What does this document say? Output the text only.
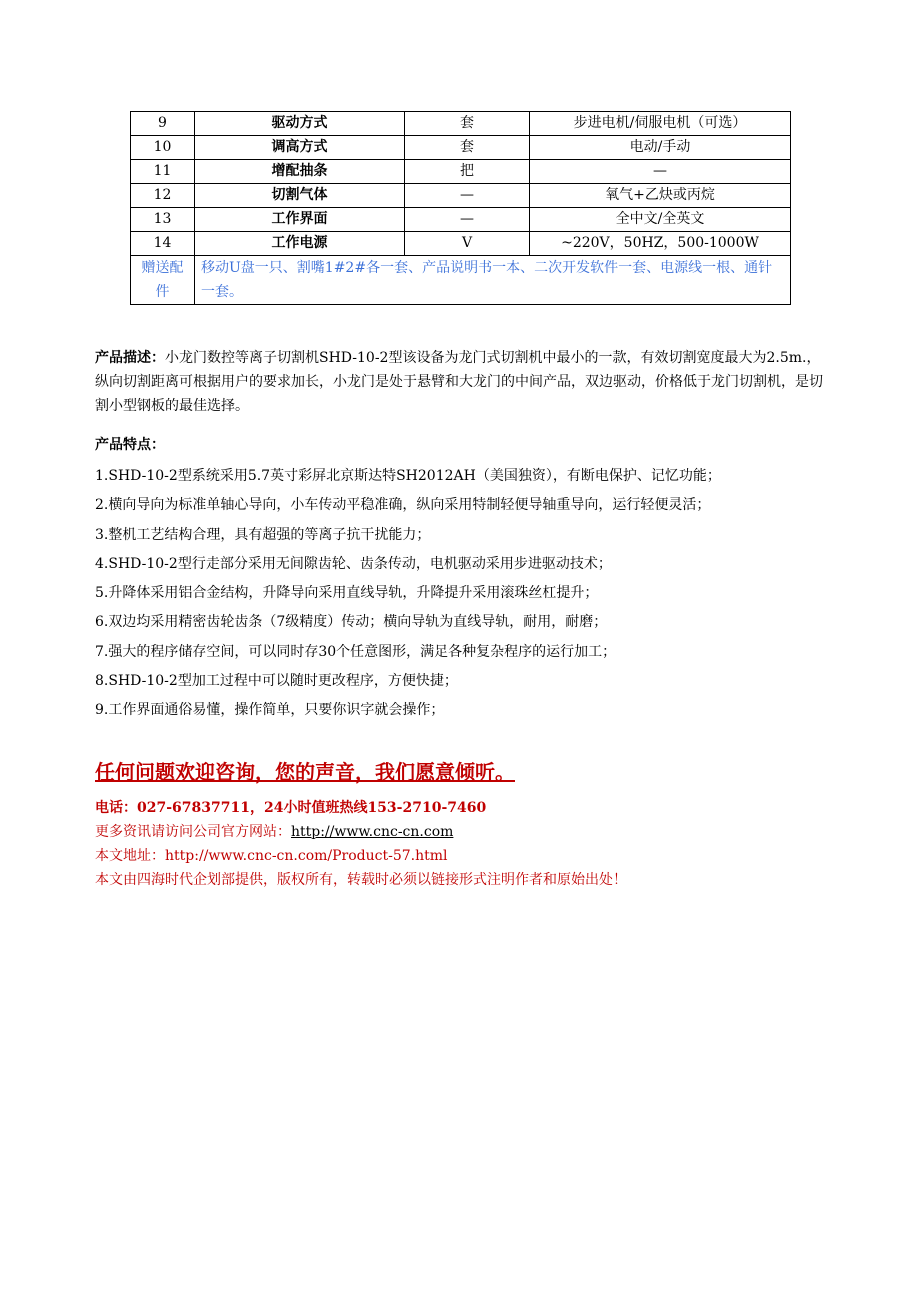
9	驱动方式	套	步进电机/伺服电机（可选）
10	调高方式	套	电动/手动
11	增配抽条	把	—
12	切割气体	—	氧气+乙炔或丙烷
13	工作界面	—	全中文/全英文
14	工作电源	V	~220V，50HZ，500-1000W
赠送配件	移动U盘一只、割嘴1#2#各一套、产品说明书一本、二次开发软件一套、电源线一根、通针一套。		
产品描述：小龙门数控等离子切割机SHD-10-2型该设备为龙门式切割机中最小的一款，有效切割宽度最大为2.5m.，纵向切割距离可根据用户的要求加长，小龙门是处于悬臂和大龙门的中间产品，双边驱动，价格低于龙门切割机，是切割小型钢板的最佳选择。
产品特点：
1.SHD-10-2型系统采用5.7英寸彩屏北京斯达特SH2012AH（美国独资），有断电保护、记忆功能；
2.横向导向为标准单轴心导向，小车传动平稳准确，纵向采用特制轻便导轴重导向，运行轻便灵活；
3.整机工艺结构合理，具有超强的等离子抗干扰能力；
4.SHD-10-2型行走部分采用无间隙齿轮、齿条传动，电机驱动采用步进驱动技术；
5.升降体采用铝合金结构，升降导向采用直线导轨，升降提升采用滚珠丝杠提升；
6.双边均采用精密齿轮齿条（7级精度）传动；横向导轨为直线导轨，耐用，耐磨；
7.强大的程序储存空间，可以同时存30个任意图形，满足各种复杂程序的运行加工；
8.SHD-10-2型加工过程中可以随时更改程序，方便快捷；
9.工作界面通俗易懂，操作简单，只要你识字就会操作；
任何问题欢迎咨询，您的声音，我们愿意倾听。
电话：027-67837711，24小时值班热线153-2710-7460
更多资讯请访问公司官方网站：http://www.cnc-cn.com
本文地址：http://www.cnc-cn.com/Product-57.html
本文由四海时代企划部提供，版权所有，转载时必须以链接形式注明作者和原始出处！
